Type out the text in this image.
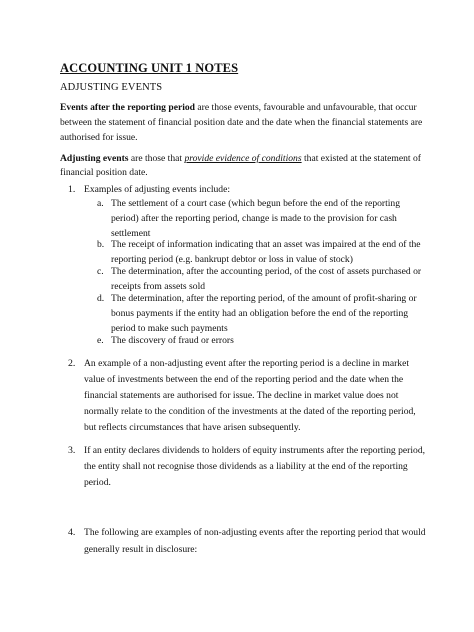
ACCOUNTING UNIT 1 NOTES
ADJUSTING EVENTS
Events after the reporting period are those events, favourable and unfavourable, that occur
between the statement of financial position date and the date when the financial statements are
authorised for issue.
Adjusting events are those that provide evidence of conditions that existed at the statement of
financial position date.
1. Examples of adjusting events include:
a. The settlement of a court case (which begun before the end of the reporting
period) after the reporting period, change is made to the provision for cash
settlement
b. The receipt of information indicating that an asset was impaired at the end of the
reporting period (e.g. bankrupt debtor or loss in value of stock)
c. The determination, after the accounting period, of the cost of assets purchased or
receipts from assets sold
d. The determination, after the reporting period, of the amount of profit-sharing or
bonus payments if the entity had an obligation before the end of the reporting
period to make such payments
e. The discovery of fraud or errors
2. An example of a non-adjusting event after the reporting period is a decline in market
value of investments between the end of the reporting period and the date when the
financial statements are authorised for issue. The decline in market value does not
normally relate to the condition of the investments at the dated of the reporting period,
but reflects circumstances that have arisen subsequently.
3. If an entity declares dividends to holders of equity instruments after the reporting period,
the entity shall not recognise those dividends as a liability at the end of the reporting
period.
4. The following are examples of non-adjusting events after the reporting period that would
generally result in disclosure:
